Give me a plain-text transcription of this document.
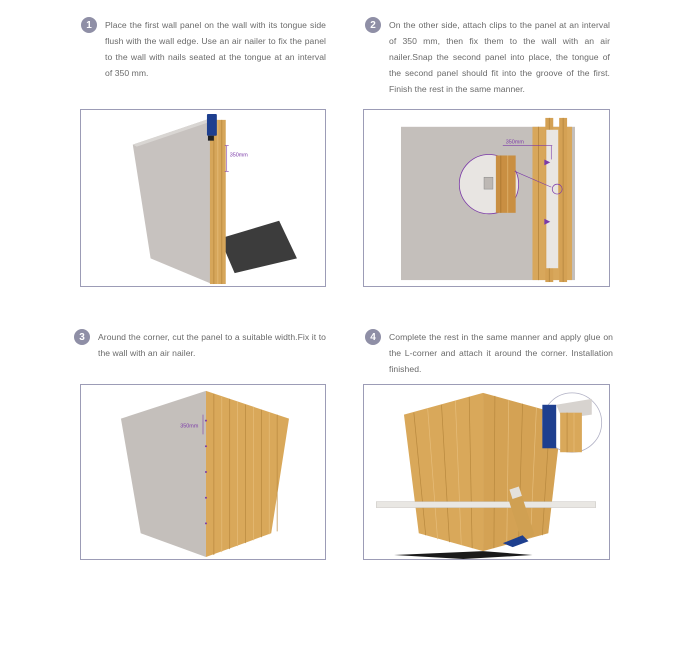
1	Place the first wall panel on the wall with its tongue side flush with the wall edge. Use an air nailer to fix the panel to the wall with nails seated at the tongue at an interval of 350 mm.
350mm
2	On the other side, attach clips to the panel at an interval of 350 mm, then fix them to the wall with an air nailer.Snap the second panel into place, the tongue of the second panel should fit into the groove of the first. Finish the rest in the same manner.
350mm
3	Around the corner, cut the panel to a suitable width.Fix it to the wall with an air nailer.
350mm
4	Complete the rest in the same manner and apply glue on the L-corner and attach it around the corner. Installation finished.
